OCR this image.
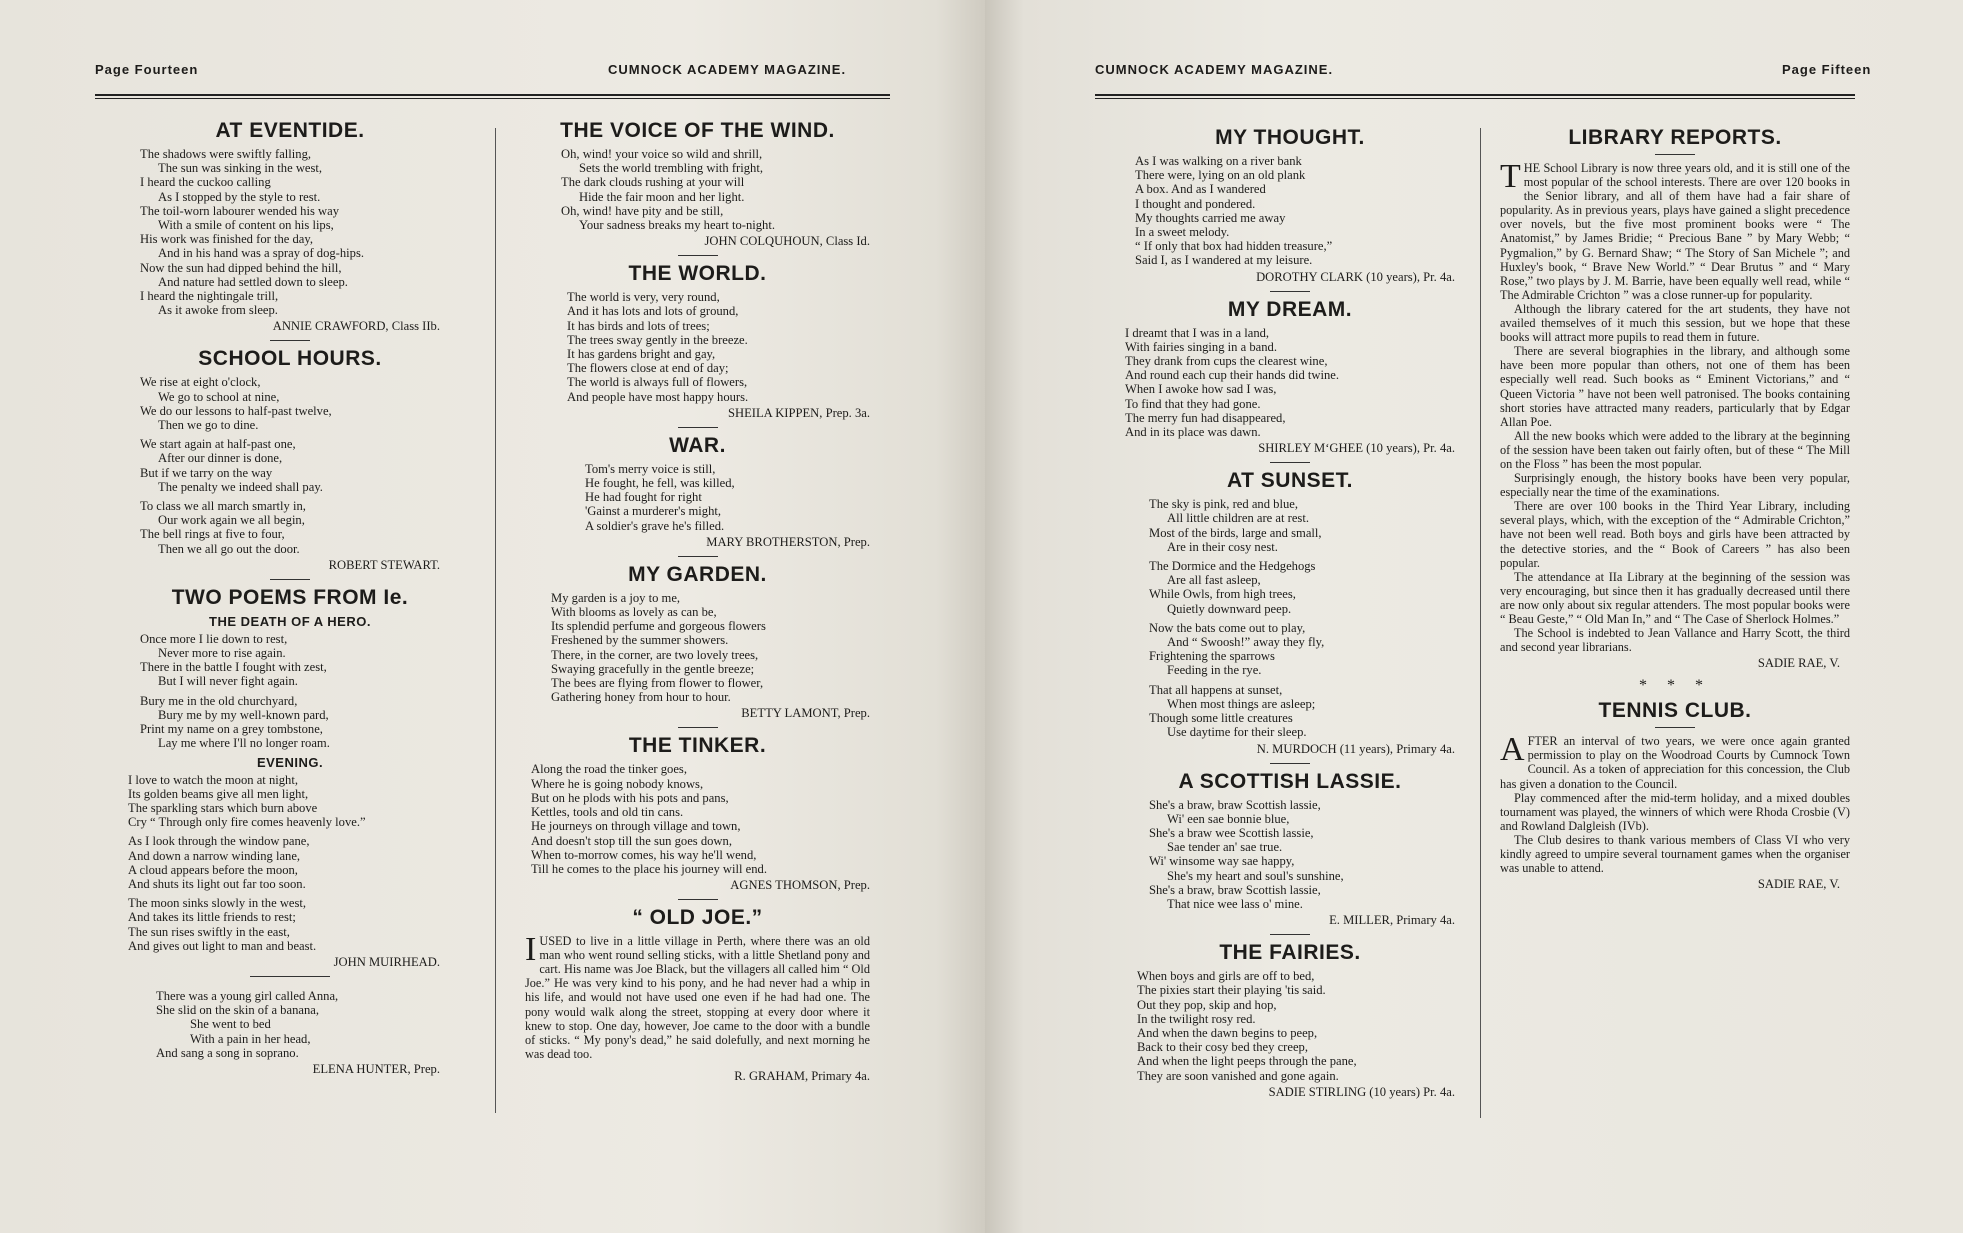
Page Fourteen	CUMNOCK ACADEMY MAGAZINE.
AT EVENTIDE.
The shadows were swiftly falling,
The sun was sinking in the west,
I heard the cuckoo calling
As I stopped by the style to rest.
The toil-worn labourer wended his way
With a smile of content on his lips,
His work was finished for the day,
And in his hand was a spray of dog-hips.
Now the sun had dipped behind the hill,
And nature had settled down to sleep.
I heard the nightingale trill,
As it awoke from sleep.
ANNIE CRAWFORD, Class IIb.
SCHOOL HOURS.
We rise at eight o'clock,
We go to school at nine,
We do our lessons to half-past twelve,
Then we go to dine.
We start again at half-past one,
After our dinner is done,
But if we tarry on the way
The penalty we indeed shall pay.
To class we all march smartly in,
Our work again we all begin,
The bell rings at five to four,
Then we all go out the door.
ROBERT STEWART.
TWO POEMS FROM Ie.
THE DEATH OF A HERO.
Once more I lie down to rest,
Never more to rise again.
There in the battle I fought with zest,
But I will never fight again.
Bury me in the old churchyard,
Bury me by my well-known pard,
Print my name on a grey tombstone,
Lay me where I'll no longer roam.
EVENING.
I love to watch the moon at night,
Its golden beams give all men light,
The sparkling stars which burn above
Cry “ Through only fire comes heavenly love.”
As I look through the window pane,
And down a narrow winding lane,
A cloud appears before the moon,
And shuts its light out far too soon.
The moon sinks slowly in the west,
And takes its little friends to rest;
The sun rises swiftly in the east,
And gives out light to man and beast.
JOHN MUIRHEAD.
There was a young girl called Anna,
She slid on the skin of a banana,
She went to bed
With a pain in her head,
And sang a song in soprano.
ELENA HUNTER, Prep.
THE VOICE OF THE WIND.
Oh, wind! your voice so wild and shrill,
Sets the world trembling with fright,
The dark clouds rushing at your will
Hide the fair moon and her light.
Oh, wind! have pity and be still,
Your sadness breaks my heart to-night.
JOHN COLQUHOUN, Class Id.
THE WORLD.
The world is very, very round,
And it has lots and lots of ground,
It has birds and lots of trees;
The trees sway gently in the breeze.
It has gardens bright and gay,
The flowers close at end of day;
The world is always full of flowers,
And people have most happy hours.
SHEILA KIPPEN, Prep. 3a.
WAR.
Tom's merry voice is still,
He fought, he fell, was killed,
He had fought for right
'Gainst a murderer's might,
A soldier's grave he's filled.
MARY BROTHERSTON, Prep.
MY GARDEN.
My garden is a joy to me,
With blooms as lovely as can be,
Its splendid perfume and gorgeous flowers
Freshened by the summer showers.
There, in the corner, are two lovely trees,
Swaying gracefully in the gentle breeze;
The bees are flying from flower to flower,
Gathering honey from hour to hour.
BETTY LAMONT, Prep.
THE TINKER.
Along the road the tinker goes,
Where he is going nobody knows,
But on he plods with his pots and pans,
Kettles, tools and old tin cans.
He journeys on through village and town,
And doesn't stop till the sun goes down,
When to-morrow comes, his way he'll wend,
Till he comes to the place his journey will end.
AGNES THOMSON, Prep.
“ OLD JOE.”

IUSED to live in a little village in Perth, where there was an old man who went round selling sticks, with a little Shetland pony and cart. His name was Joe Black, but the villagers all called him “ Old Joe.” He was very kind to his pony, and he had never had a whip in his life, and would not have used one even if he had had one. The pony would walk along the street, stopping at every door where it knew to stop. One day, however, Joe came to the door with a bundle of sticks. “ My pony's dead,” he said dolefully, and next morning he was dead too.

R. GRAHAM, Primary 4a.
CUMNOCK ACADEMY MAGAZINE.	Page Fifteen
MY THOUGHT.
As I was walking on a river bank
There were, lying on an old plank
A box. And as I wandered
I thought and pondered.
My thoughts carried me away
In a sweet melody.
“ If only that box had hidden treasure,”
Said I, as I wandered at my leisure.
DOROTHY CLARK (10 years), Pr. 4a.
MY DREAM.
I dreamt that I was in a land,
With fairies singing in a band.
They drank from cups the clearest wine,
And round each cup their hands did twine.
When I awoke how sad I was,
To find that they had gone.
The merry fun had disappeared,
And in its place was dawn.
SHIRLEY M‘GHEE (10 years), Pr. 4a.
AT SUNSET.
The sky is pink, red and blue,
All little children are at rest.
Most of the birds, large and small,
Are in their cosy nest.
The Dormice and the Hedgehogs
Are all fast asleep,
While Owls, from high trees,
Quietly downward peep.
Now the bats come out to play,
And “ Swoosh!” away they fly,
Frightening the sparrows
Feeding in the rye.
That all happens at sunset,
When most things are asleep;
Though some little creatures
Use daytime for their sleep.
N. MURDOCH (11 years), Primary 4a.
A SCOTTISH LASSIE.
She's a braw, braw Scottish lassie,
Wi' een sae bonnie blue,
She's a braw wee Scottish lassie,
Sae tender an' sae true.
Wi' winsome way sae happy,
She's my heart and soul's sunshine,
She's a braw, braw Scottish lassie,
That nice wee lass o' mine.
E. MILLER, Primary 4a.
THE FAIRIES.
When boys and girls are off to bed,
The pixies start their playing 'tis said.
Out they pop, skip and hop,
In the twilight rosy red.
And when the dawn begins to peep,
Back to their cosy bed they creep,
And when the light peeps through the pane,
They are soon vanished and gone again.
SADIE STIRLING (10 years) Pr. 4a.
LIBRARY REPORTS.

THE School Library is now three years old, and it is still one of the most popular of the school interests. There are over 120 books in the Senior library, and all of them have had a fair share of popularity. As in previous years, plays have gained a slight precedence over novels, but the five most prominent books were “ The Anatomist,” by James Bridie; “ Precious Bane ” by Mary Webb; “ Pygmalion,” by G. Bernard Shaw; “ The Story of San Michele ”; and Huxley's book, “ Brave New World.” “ Dear Brutus ” and “ Mary Rose,” two plays by J. M. Barrie, have been equally well read, while “ The Admirable Crichton ” was a close runner-up for popularity.

Although the library catered for the art students, they have not availed themselves of it much this session, but we hope that these books will attract more pupils to read them in future.

There are several biographies in the library, and although some have been more popular than others, not one of them has been especially well read. Such books as “ Eminent Victorians,” and “ Queen Victoria ” have not been well patronised. The books containing short stories have attracted many readers, particularly that by Edgar Allan Poe.

All the new books which were added to the library at the beginning of the session have been taken out fairly often, but of these “ The Mill on the Floss ” has been the most popular.

Surprisingly enough, the history books have been very popular, especially near the time of the examinations.

There are over 100 books in the Third Year Library, including several plays, which, with the exception of the “ Admirable Crichton,” have not been well read. Both boys and girls have been attracted by the detective stories, and the “ Book of Careers ” has also been popular.

The attendance at IIa Library at the beginning of the session was very encouraging, but since then it has gradually decreased until there are now only about six regular attenders. The most popular books were “ Beau Geste,” “ Old Man In,” and “ The Case of Sherlock Holmes.”

The School is indebted to Jean Vallance and Harry Scott, the third and second year librarians.

SADIE RAE, V.
* * *
TENNIS CLUB.

AFTER an interval of two years, we were once again granted permission to play on the Woodroad Courts by Cumnock Town Council. As a token of appreciation for this concession, the Club has given a donation to the Council.

Play commenced after the mid-term holiday, and a mixed doubles tournament was played, the winners of which were Rhoda Crosbie (V) and Rowland Dalgleish (IVb).

The Club desires to thank various members of Class VI who very kindly agreed to umpire several tournament games when the organiser was unable to attend.

SADIE RAE, V.
